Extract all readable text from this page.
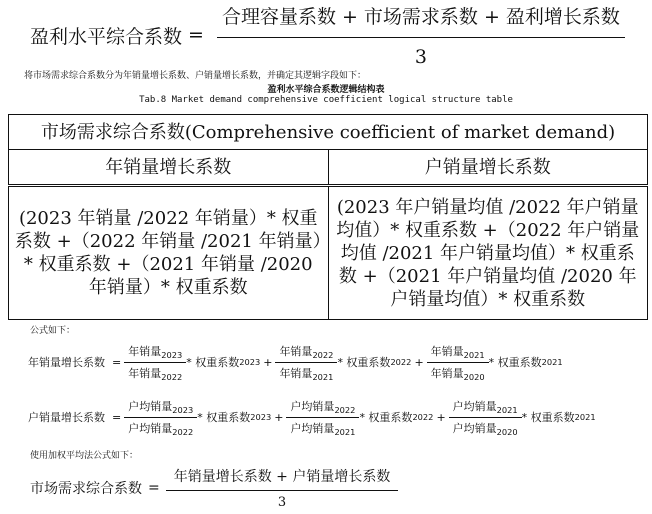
盈利水平综合系数 = $\frac{\text{合理容量系数 + 市场需求系数 + 盈利增长系数}}{3}$
将市场需求综合系数分为年销量增长系数、户销量增长系数，并确定其逻辑字段如下：
盈利水平综合系数逻辑结构表
Tab.8 Market demand comprehensive coefficient logical structure table
市场需求综合系数(Comprehensive coefficient of market demand)	
年销量增长系数	户销量增长系数
(2023 年销量 /2022 年销量）* 权重系数 +（2022 年销量 /2021 年销量）* 权重系数 +（2021 年销量 /2020 年销量）* 权重系数	(2023 年户销量均值 /2022 年户销量均值）* 权重系数 +（2022 年户销量均值 /2021 年户销量均值）* 权重系数 +（2021 年户销量均值 /2020 年户销量均值）* 权重系数
公式如下：
年销量增长系数 = $\frac{年销量_{2023}}{年销量_{2022}}$ * 权重系数 $2023 + \frac{年销量_{2022}}{年销量_{2021}}$ * 权重系数 $2022 + \frac{年销量_{2021}}{年销量_{2020}}$ * 权重系数 2021
户销量增长系数 = $\frac{户均销量_{2023}}{户均销量_{2022}}$ * 权重系数 $2023 + \frac{户均销量_{2022}}{户均销量_{2021}}$ * 权重系数 $2022 + \frac{户均销量_{2021}}{户均销量_{2020}}$ * 权重系数 2021
使用加权平均法公式如下：
市场需求综合系数 = $\frac{\text{年销量增长系数 + 户销量增长系数}}{3}$
